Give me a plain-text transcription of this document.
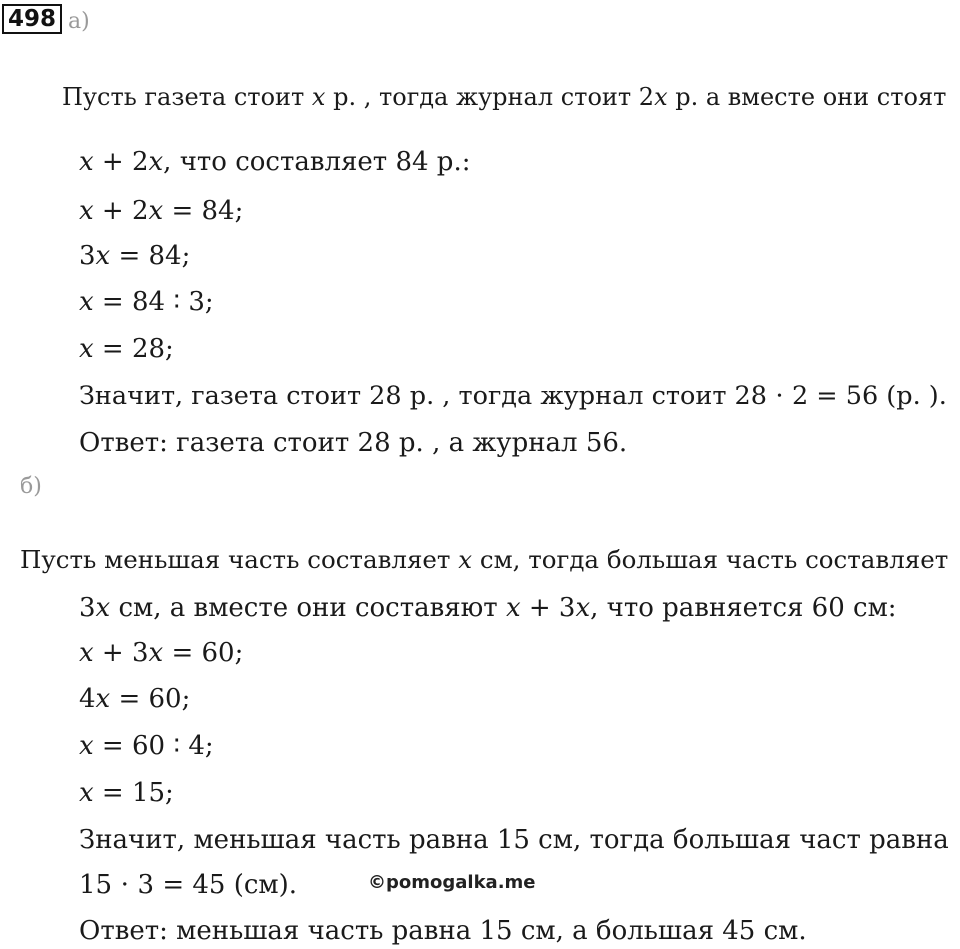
498 а)
Пусть газета стоит 𝑥 р. , тогда журнал стоит 2𝑥 р. а вместе они стоят
𝑥 + 2𝑥, что составляет 84 р.:
𝑥 + 2𝑥 = 84;
3𝑥 = 84;
𝑥 = 84 ∶ 3;
𝑥 = 28;
Значит, газета стоит 28 р. , тогда журнал стоит 28 ⋅ 2 = 56 (р. ).
Ответ: газета стоит 28 р. , а журнал 56.
б)
Пусть меньшая часть составляет 𝑥 см, тогда большая часть составляет
3𝑥 см, а вместе они составяют 𝑥 + 3𝑥, что равняется 60 см:
𝑥 + 3𝑥 = 60;
4𝑥 = 60;
𝑥 = 60 ∶ 4;
𝑥 = 15;
Значит, меньшая часть равна 15 см, тогда большая част равна
15 ⋅ 3 = 45 (см).	©pomogalka.me
Ответ: меньшая часть равна 15 см, а большая 45 см.
